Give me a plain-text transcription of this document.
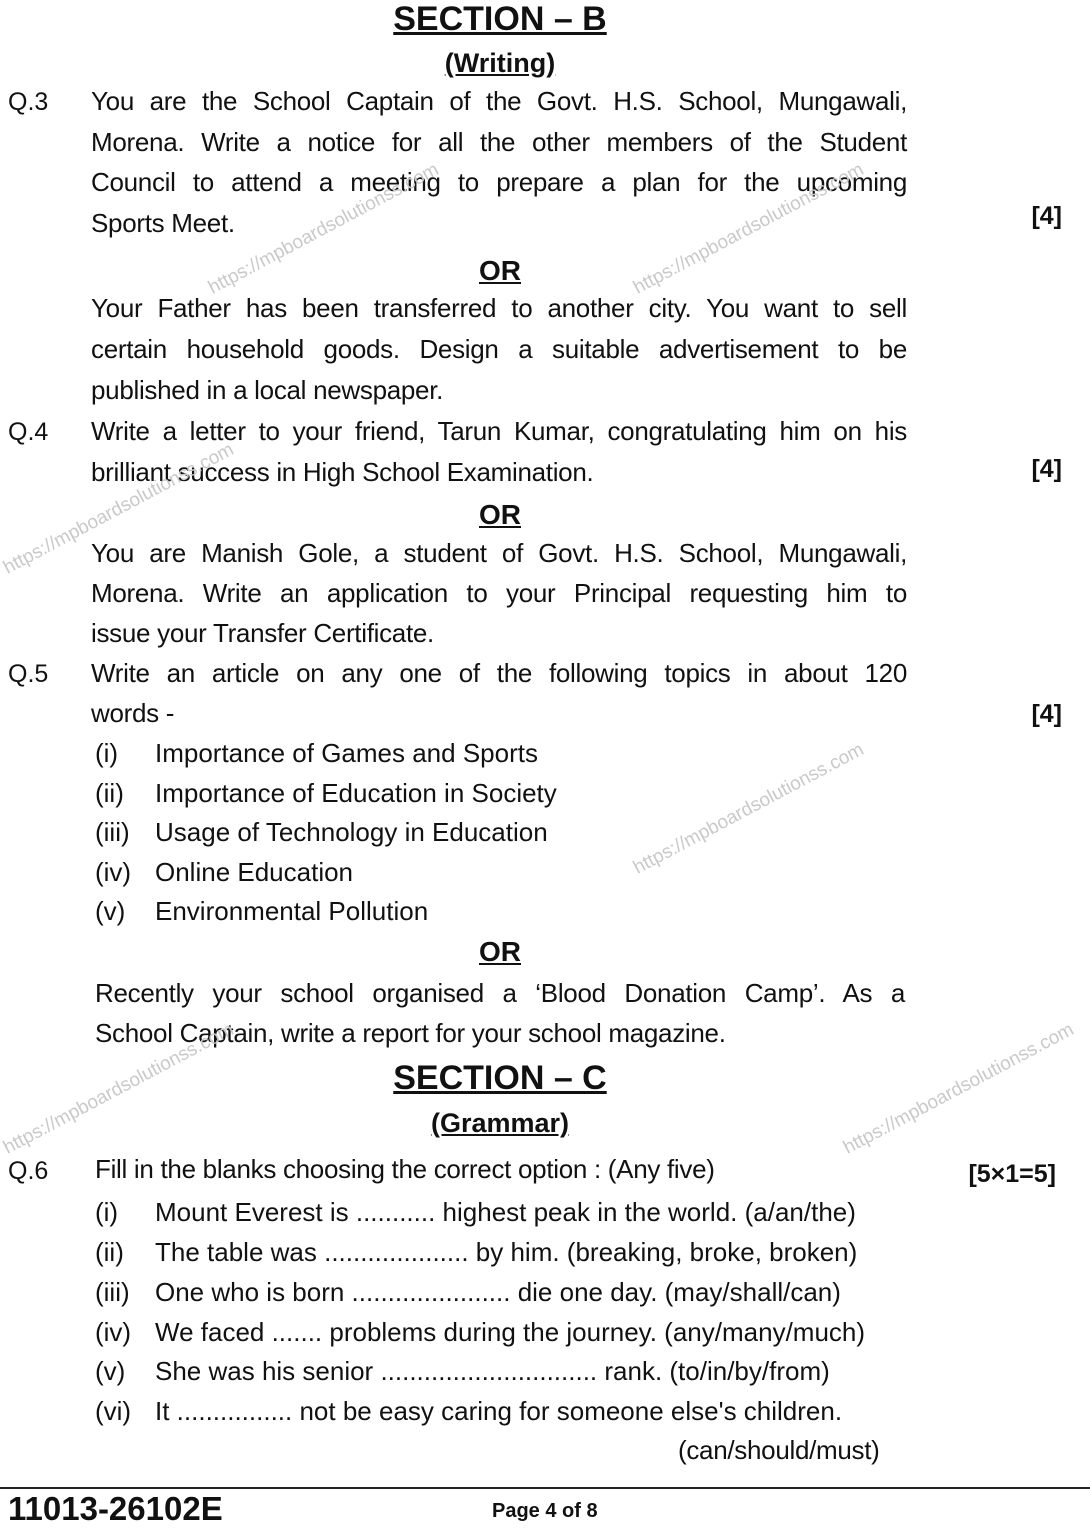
SECTION – B
(Writing)
Q.3 You are the School Captain of the Govt. H.S. School, Mungawali,
Morena. Write a notice for all the other members of the Student
Council to attend a meeting to prepare a plan for the upcoming
Sports Meet.	[4]
OR
Your Father has been transferred to another city. You want to sell
certain household goods. Design a suitable advertisement to be
published in a local newspaper.
Q.4 Write a letter to your friend, Tarun Kumar, congratulating him on his
brilliant success in High School Examination.	[4]
OR
You are Manish Gole, a student of Govt. H.S. School, Mungawali,
Morena. Write an application to your Principal requesting him to
issue your Transfer Certificate.
Q.5 Write an article on any one of the following topics in about 120
words -	[4]
(i) Importance of Games and Sports
(ii) Importance of Education in Society
(iii) Usage of Technology in Education
(iv) Online Education
(v) Environmental Pollution
OR
Recently your school organised a ‘Blood Donation Camp’. As a
School Captain, write a report for your school magazine.
SECTION – C
(Grammar)
Q.6 Fill in the blanks choosing the correct option : (Any five)	[5×1=5]
(i) Mount Everest is ........... highest peak in the world. (a/an/the)
(ii) The table was .................... by him. (breaking, broke, broken)
(iii) One who is born ...................... die one day. (may/shall/can)
(iv) We faced ....... problems during the journey. (any/many/much)
(v) She was his senior .............................. rank. (to/in/by/from)
(vi) It ................ not be easy caring for someone else's children.
(can/should/must)
11013-26102E	Page 4 of 8
https://mpboardsolutionss.com	https://mpboardsolutionss.com
https://mpboardsolutionss.com
https://mpboardsolutionss.com
https://mpboardsolutionss.com
https://mpboardsolutionss.com
